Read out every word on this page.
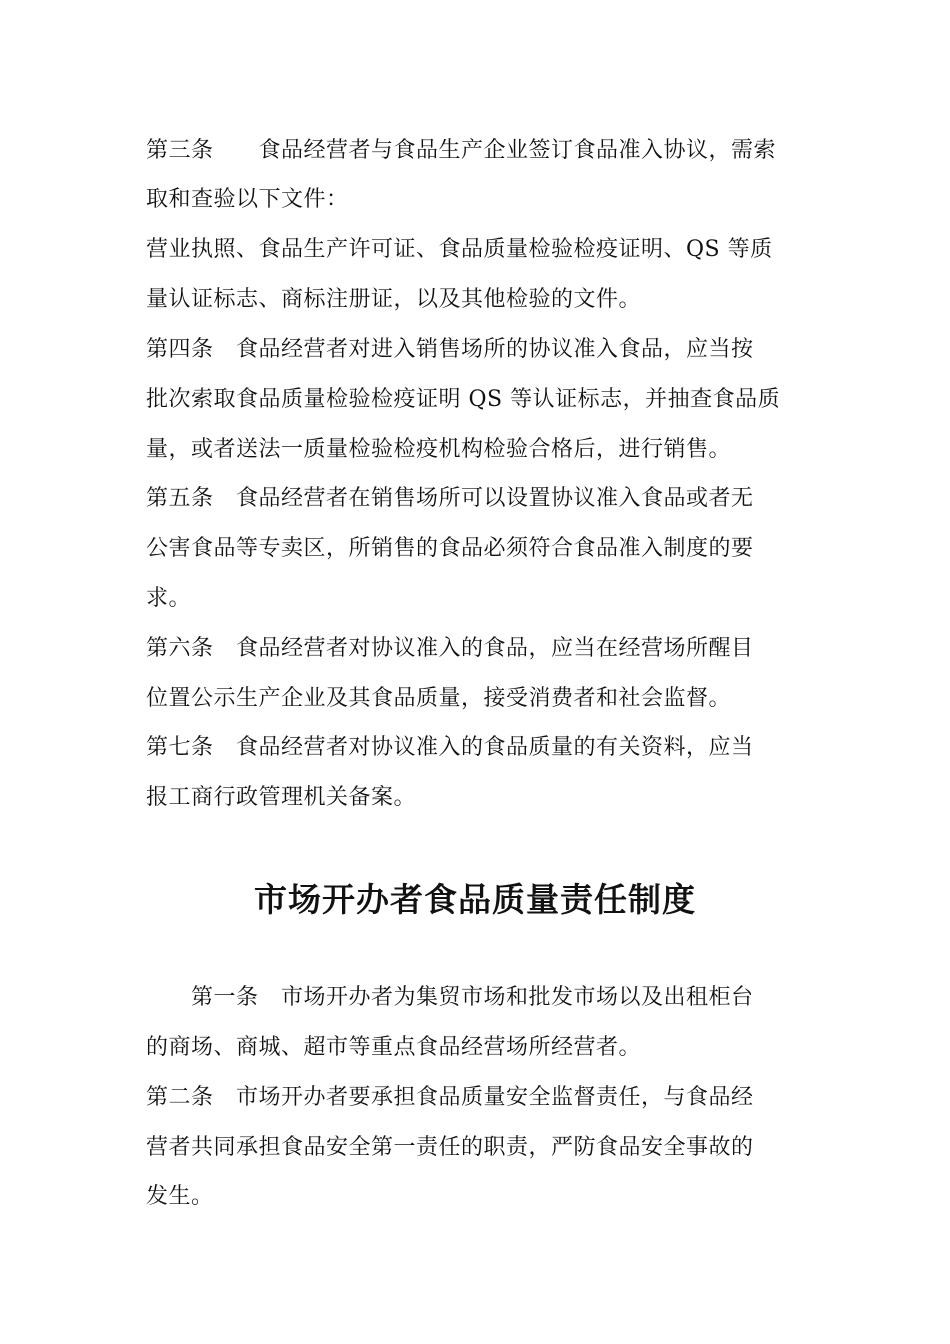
第三条　　食品经营者与食品生产企业签订食品准入协议，需索
取和查验以下文件：
营业执照、食品生产许可证、食品质量检验检疫证明、QS 等质
量认证标志、商标注册证，以及其他检验的文件。
第四条　食品经营者对进入销售场所的协议准入食品，应当按
批次索取食品质量检验检疫证明 QS 等认证标志，并抽查食品质
量，或者送法一质量检验检疫机构检验合格后，进行销售。
第五条　食品经营者在销售场所可以设置协议准入食品或者无
公害食品等专卖区，所销售的食品必须符合食品准入制度的要
求。
第六条　食品经营者对协议准入的食品，应当在经营场所醒目
位置公示生产企业及其食品质量，接受消费者和社会监督。
第七条　食品经营者对协议准入的食品质量的有关资料，应当
报工商行政管理机关备案。
市场开办者食品质量责任制度
　　第一条　市场开办者为集贸市场和批发市场以及出租柜台
的商场、商城、超市等重点食品经营场所经营者。
第二条　市场开办者要承担食品质量安全监督责任，与食品经
营者共同承担食品安全第一责任的职责，严防食品安全事故的
发生。
